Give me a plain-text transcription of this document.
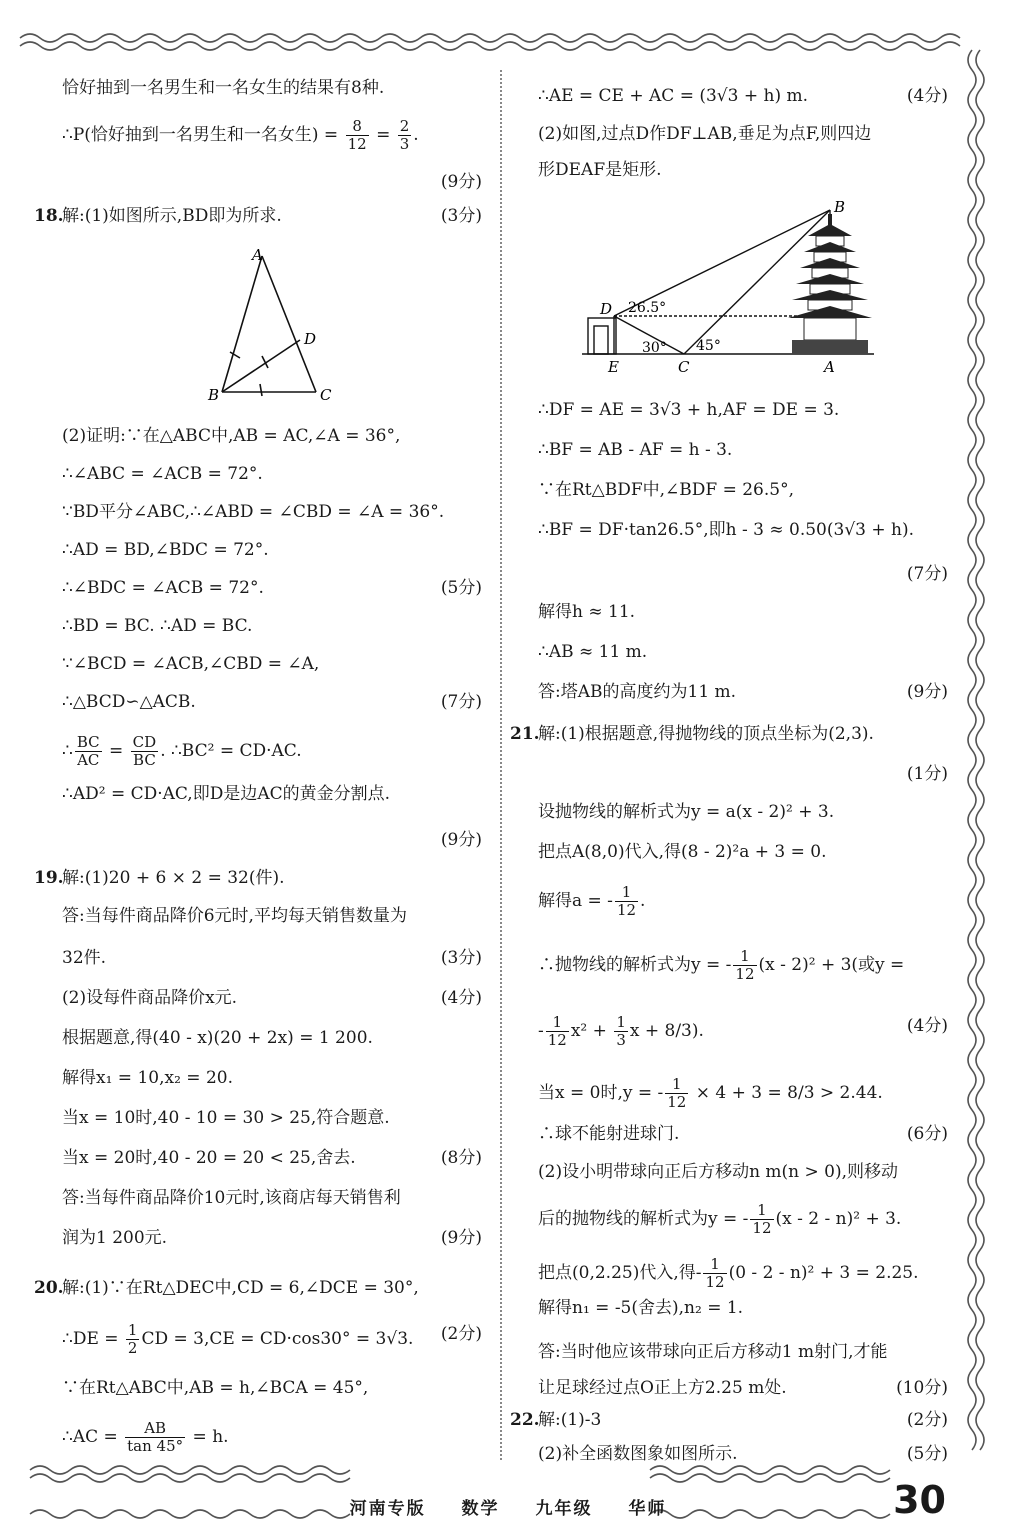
恰好抽到一名男生和一名女生的结果有8种.
∴P(恰好抽到一名男生和一名女生) = $\frac{8}{12} = \frac{2}{3}$ .
(9分)
18.
解:(1)如图所示,BD即为所求.	(3分)
(2)证明:∵在△ABC中,AB = AC,∠A = 36°,
∴∠ABC = ∠ACB = 72°.
∵BD平分∠ABC,∴∠ABD = ∠CBD = ∠A = 36°.
∴AD = BD,∠BDC = 72°.
∴∠BDC = ∠ACB = 72°.	(5分)
∴BD = BC. ∴AD = BC.
∵∠BCD = ∠ACB,∠CBD = ∠A,
∴△BCD∽△ACB.	(7分)
∴ $\frac{BC}{AC} = \frac{CD}{BC}$ . ∴BC² = CD·AC.
∴AD² = CD·AC,即D是边AC的黄金分割点.
(9分)
19.
解:(1)20 + 6 × 2 = 32(件).
答:当每件商品降价6元时,平均每天销售数量为
32件.	(3分)
(2)设每件商品降价x元.	(4分)
根据题意,得(40 - x)(20 + 2x) = 1 200.
解得x₁ = 10,x₂ = 20.
当x = 10时,40 - 10 = 30 > 25,符合题意.
当x = 20时,40 - 20 = 20 < 25,舍去.	(8分)
答:当每件商品降价10元时,该商店每天销售利
润为1 200元.	(9分)
20.
解:(1)∵在Rt△DEC中,CD = 6,∠DCE = 30°,
∴DE = $\frac{1}{2}$ CD = 3,CE = CD·cos30° = 3√3. (2分)
∵在Rt△ABC中,AB = h,∠BCA = 45°,
∴AC = $\frac{AB}{\tan 45^\circ} = h$.
∴AE = CE + AC = (3√3 + h) m.	(4分)
(2)如图,过点D作DF⊥AB,垂足为点F,则四边
形DEAF是矩形.
∴DF = AE = 3√3 + h,AF = DE = 3.
∴BF = AB - AF = h - 3.
∵在Rt△BDF中,∠BDF = 26.5°,
∴BF = DF·tan26.5°,即h - 3 ≈ 0.50(3√3 + h).
(7分)
解得h ≈ 11.
∴AB ≈ 11 m.
答:塔AB的高度约为11 m.	(9分)
21.
解:(1)根据题意,得抛物线的顶点坐标为(2,3).
(1分)
设抛物线的解析式为y = a(x - 2)² + 3.
把点A(8,0)代入,得(8 - 2)²a + 3 = 0.
解得a = - $\frac{1}{12}$ .
∴抛物线的解析式为y = - $\frac{1}{12} (x - 2)^2 + 3$(或y =
- $\frac{1}{12} x^2 + \frac{1}{3}$ x + 8/3).	(4分)
当x = 0时,y = - $\frac{1}{12} \times 4 + 3 = 8/3 > 2.44$.
∴球不能射进球门.	(6分)
(2)设小明带球向正后方移动n m(n > 0),则移动
后的抛物线的解析式为y = - $\frac{1}{12} (x - 2 - n)^2 + 3$.
把点(0,2.25)代入,得- $\frac{1}{12} (0 - 2 - n)^2 + 3 = 2.25$.
解得n₁ = -5(舍去),n₂ = 1.
答:当时他应该带球向正后方移动1 m射门,才能
让足球经过点O正上方2.25 m处.	(10分)
22.
解:(1)-3	(2分)
(2)补全函数图象如图所示.	(5分)
A
B	C
D
B
D
E	C	A
26.5°
30° 45°
河南专版 数学 九年级 华师	30
